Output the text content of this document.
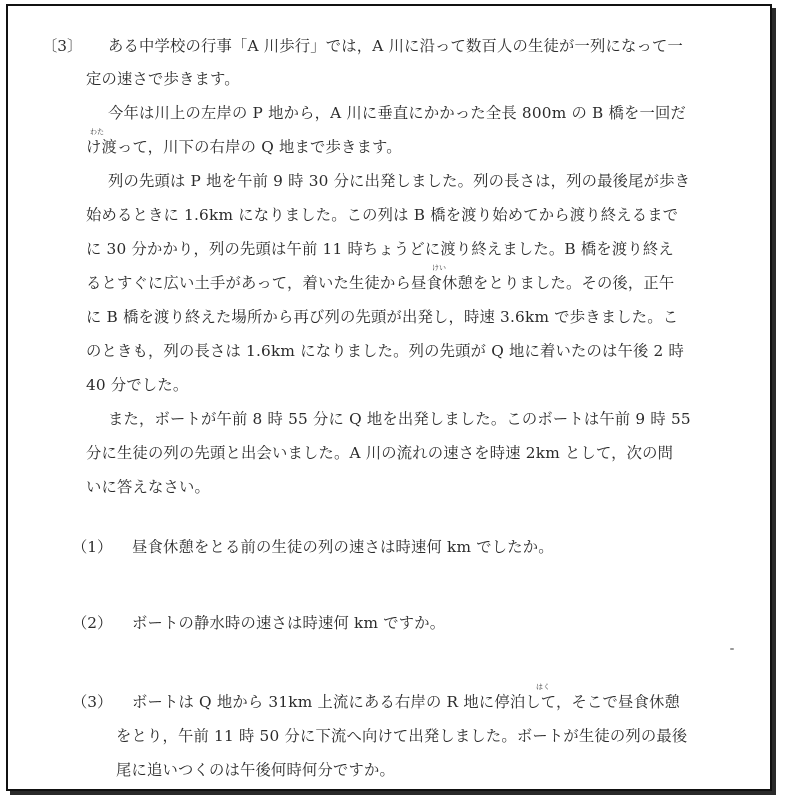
〔3〕 ある中学校の行事「A 川歩行」では，A 川に沿って数百人の生徒が一列になって一
定の速さで歩きます。
今年は川上の左岸の P 地から，A 川に垂直にかかった全長 800m の B 橋を一回だ
わた
け渡って，川下の右岸の Q 地まで歩きます。
列の先頭は P 地を午前 9 時 30 分に出発しました。列の長さは，列の最後尾が歩き
始めるときに 1.6km になりました。この列は B 橋を渡り始めてから渡り終えるまで
に 30 分かかり，列の先頭は午前 11 時ちょうどに渡り終えました。B 橋を渡り終え
けい
るとすぐに広い土手があって，着いた生徒から昼食休憩をとりました。その後，正午
に B 橋を渡り終えた場所から再び列の先頭が出発し，時速 3.6km で歩きました。こ
のときも，列の長さは 1.6km になりました。列の先頭が Q 地に着いたのは午後 2 時
40 分でした。
また，ボートが午前 8 時 55 分に Q 地を出発しました。このボートは午前 9 時 55
分に生徒の列の先頭と出会いました。A 川の流れの速さを時速 2km として，次の問
いに答えなさい。
（1） 昼食休憩をとる前の生徒の列の速さは時速何 km でしたか。
（2） ボートの静水時の速さは時速何 km ですか。
はく
（3） ボートは Q 地から 31km 上流にある右岸の R 地に停泊して，そこで昼食休憩
をとり，午前 11 時 50 分に下流へ向けて出発しました。ボートが生徒の列の最後
尾に追いつくのは午後何時何分ですか。
